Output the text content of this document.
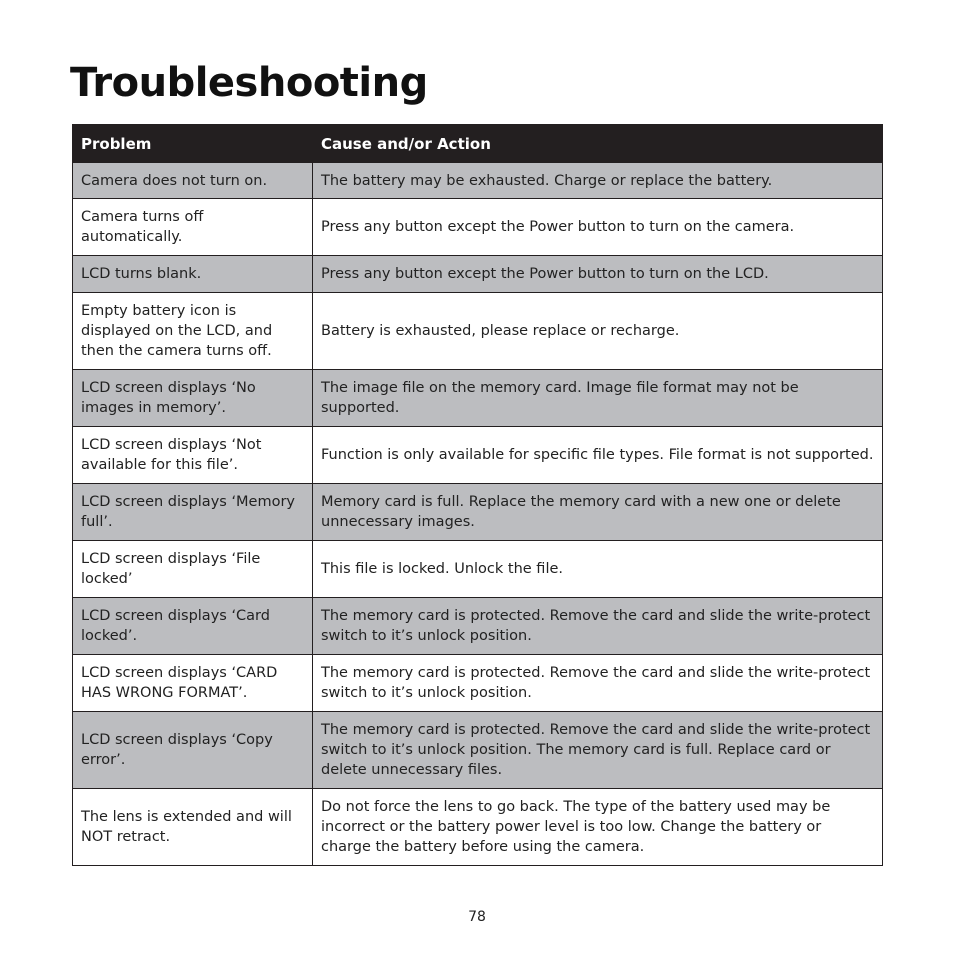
Troubleshooting
Problem	Cause and/or Action
Camera does not turn on.	The battery may be exhausted. Charge or replace the battery.
Camera turns off automatically.	Press any button except the Power button to turn on the camera.
LCD turns blank.	Press any button except the Power button to turn on the LCD.
Empty battery icon is displayed on the LCD, and then the camera turns off.	Battery is exhausted, please replace or recharge.
LCD screen displays ‘No images in memory’.	The image file on the memory card. Image file format may not be supported.
LCD screen displays ‘Not available for this file’.	Function is only available for specific file types. File format is not supported.
LCD screen displays ‘Memory full’.	Memory card is full. Replace the memory card with a new one or delete unnecessary images.
LCD screen displays ‘File locked’	This file is locked. Unlock the file.
LCD screen displays ‘Card locked’.	The memory card is protected. Remove the card and slide the write-protect switch to it’s unlock position.
LCD screen displays ‘CARD HAS WRONG FORMAT’.	The memory card is protected. Remove the card and slide the write-protect switch to it’s unlock position.
LCD screen displays ‘Copy error’.	The memory card is protected. Remove the card and slide the write-protect switch to it’s unlock position. The memory card is full. Replace card or delete unnecessary files.
The lens is extended and will NOT retract.	Do not force the lens to go back. The type of the battery used may be incorrect or the battery power level is too low. Change the battery or charge the battery before using the camera.
78
